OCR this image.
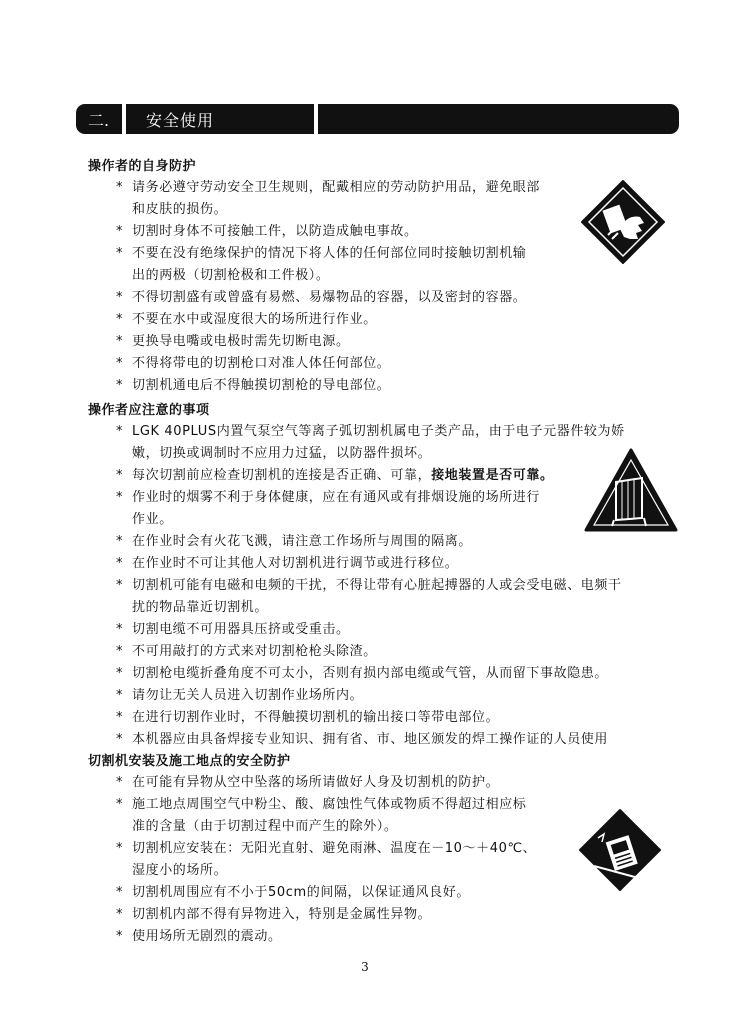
二. 安全使用
操作者的自身防护
* 请务必遵守劳动安全卫生规则，配戴相应的劳动防护用品，避免眼部
和皮肤的损伤。
* 切割时身体不可接触工件，以防造成触电事故。
* 不要在没有绝缘保护的情况下将人体的任何部位同时接触切割机输
出的两极（切割枪极和工件极）。
* 不得切割盛有或曾盛有易燃、易爆物品的容器，以及密封的容器。
* 不要在水中或湿度很大的场所进行作业。
* 更换导电嘴或电极时需先切断电源。
* 不得将带电的切割枪口对准人体任何部位。
* 切割机通电后不得触摸切割枪的导电部位。
操作者应注意的事项
* LGK 40PLUS内置气泵空气等离子弧切割机属电子类产品，由于电子元器件较为娇
嫩，切换或调制时不应用力过猛，以防器件损坏。
* 每次切割前应检查切割机的连接是否正确、可靠，接地装置是否可靠。
* 作业时的烟雾不利于身体健康，应在有通风或有排烟设施的场所进行
作业。
* 在作业时会有火花飞溅，请注意工作场所与周围的隔离。
* 在作业时不可让其他人对切割机进行调节或进行移位。
* 切割机可能有电磁和电频的干扰，不得让带有心脏起搏器的人或会受电磁、电频干
扰的物品靠近切割机。
* 切割电缆不可用器具压挤或受重击。
* 不可用敲打的方式来对切割枪枪头除渣。
* 切割枪电缆折叠角度不可太小，否则有损内部电缆或气管，从而留下事故隐患。
* 请勿让无关人员进入切割作业场所内。
* 在进行切割作业时，不得触摸切割机的输出接口等带电部位。
* 本机器应由具备焊接专业知识、拥有省、市、地区颁发的焊工操作证的人员使用
切割机安装及施工地点的安全防护
* 在可能有异物从空中坠落的场所请做好人身及切割机的防护。
* 施工地点周围空气中粉尘、酸、腐蚀性气体或物质不得超过相应标
准的含量（由于切割过程中而产生的除外）。
* 切割机应安装在：无阳光直射、避免雨淋、温度在－10～＋40℃、
湿度小的场所。
* 切割机周围应有不小于50cm的间隔，以保证通风良好。
* 切割机内部不得有异物进入，特别是金属性异物。
* 使用场所无剧烈的震动。
3
